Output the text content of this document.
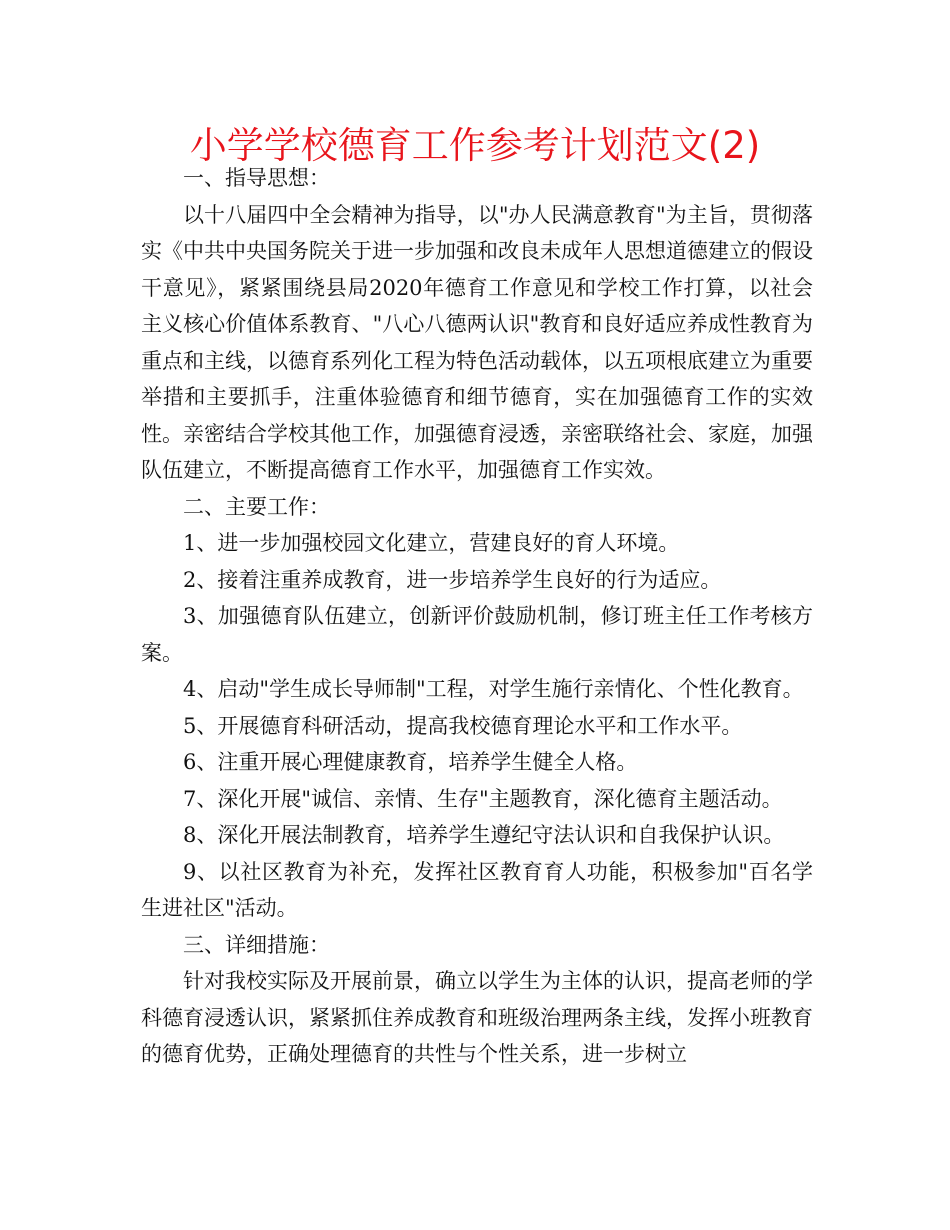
小学学校德育工作参考计划范文(2)

一、指导思想：

以十八届四中全会精神为指导，以"办人民满意教育"为主旨，贯彻落实《中共中央国务院关于进一步加强和改良未成年人思想道德建立的假设干意见》，紧紧围绕县局2020年德育工作意见和学校工作打算，以社会主义核心价值体系教育、"八心八德两认识"教育和良好适应养成性教育为重点和主线，以德育系列化工程为特色活动载体，以五项根底建立为重要举措和主要抓手，注重体验德育和细节德育，实在加强德育工作的实效性。亲密结合学校其他工作，加强德育浸透，亲密联络社会、家庭，加强队伍建立，不断提高德育工作水平，加强德育工作实效。

二、主要工作：

1、进一步加强校园文化建立，营建良好的育人环境。

2、接着注重养成教育，进一步培养学生良好的行为适应。

3、加强德育队伍建立，创新评价鼓励机制，修订班主任工作考核方案。

4、启动"学生成长导师制"工程，对学生施行亲情化、个性化教育。

5、开展德育科研活动，提高我校德育理论水平和工作水平。

6、注重开展心理健康教育，培养学生健全人格。

7、深化开展"诚信、亲情、生存"主题教育，深化德育主题活动。

8、深化开展法制教育，培养学生遵纪守法认识和自我保护认识。

9、以社区教育为补充，发挥社区教育育人功能，积极参加"百名学生进社区"活动。

三、详细措施：

针对我校实际及开展前景，确立以学生为主体的认识，提高老师的学科德育浸透认识，紧紧抓住养成教育和班级治理两条主线，发挥小班教育的德育优势，正确处理德育的共性与个性关系，进一步树立
